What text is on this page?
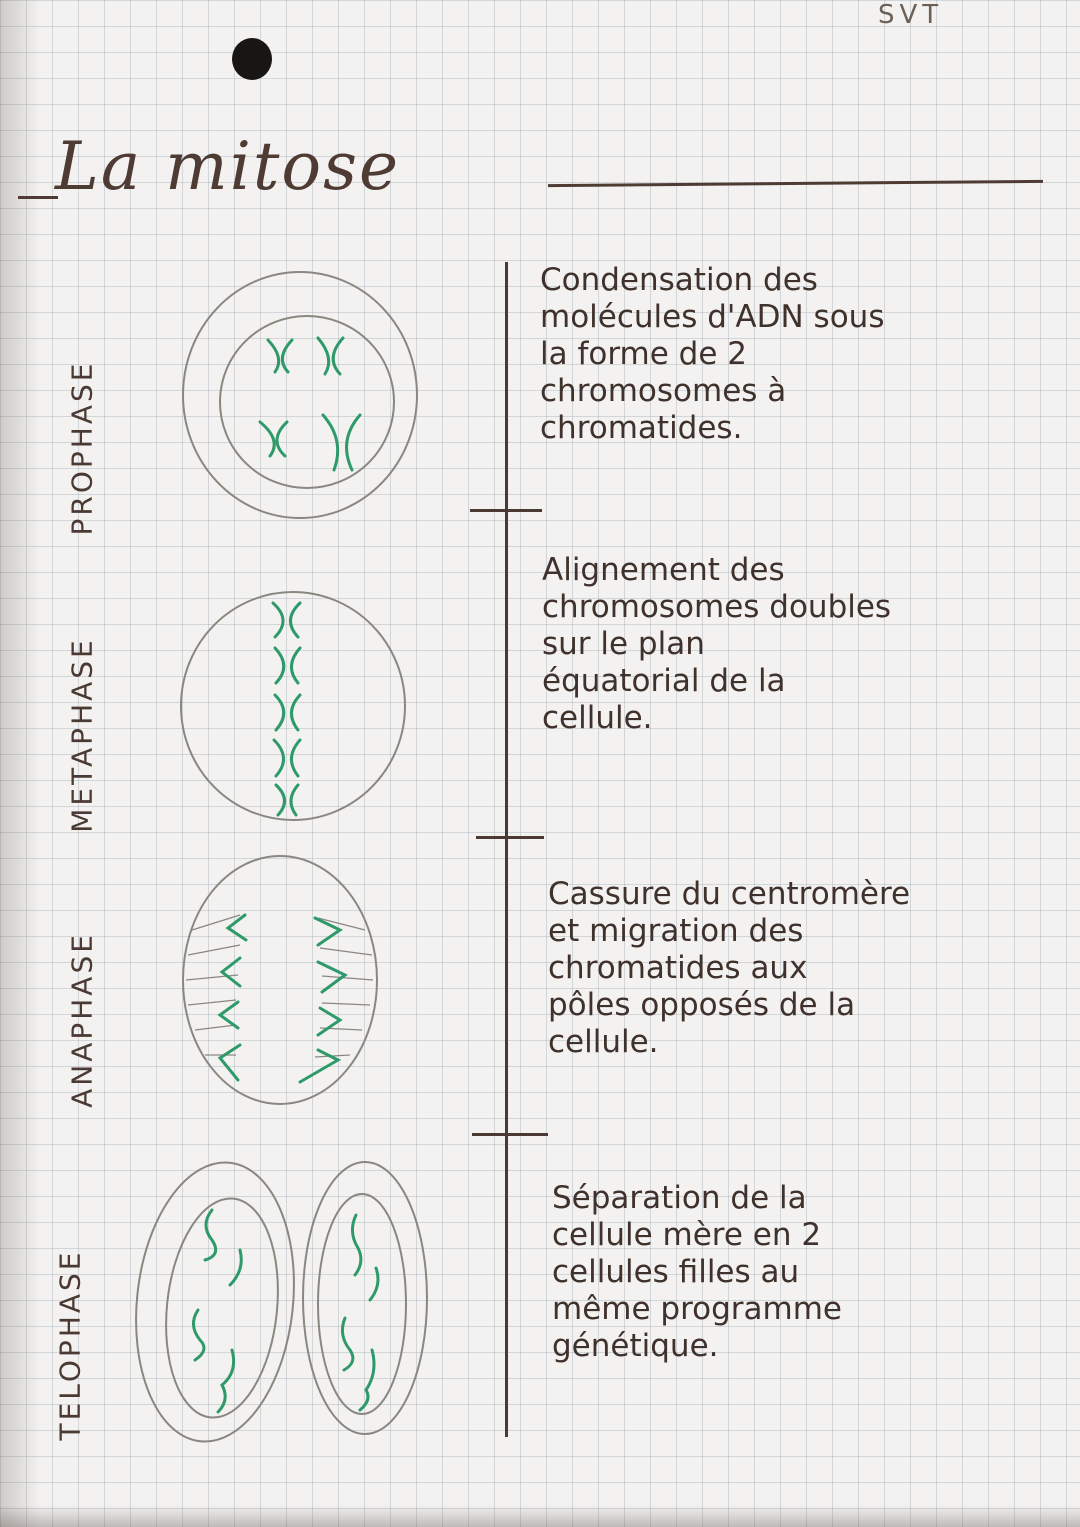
SVT
La mitose
PROPHASE
METAPHASE
ANAPHASE
TELOPHASE
Condensation des
molécules d'ADN sous
la forme de 2
chromosomes à
chromatides.
Alignement des
chromosomes doubles
sur le plan
équatorial de la
cellule.
Cassure du centromère
et migration des
chromatides aux
pôles opposés de la
cellule.
Séparation de la
cellule mère en 2
cellules filles au
même programme
génétique.
